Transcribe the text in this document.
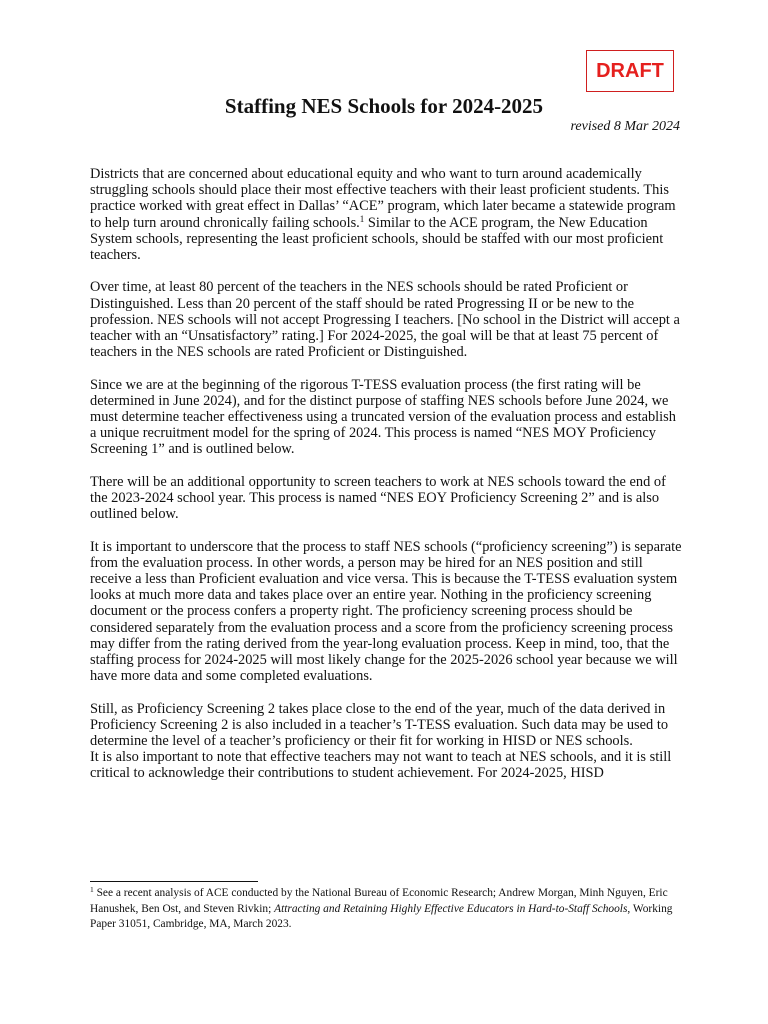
DRAFT
Staffing NES Schools for 2024-2025
revised 8 Mar 2024

Districts that are concerned about educational equity and who want to turn around academically struggling schools should place their most effective teachers with their least proficient students. This practice worked with great effect in Dallas’ “ACE” program, which later became a statewide program to help turn around chronically failing schools.$^1$ Similar to the ACE program, the New Education System schools, representing the least proficient schools, should be staffed with our most proficient teachers.

Over time, at least 80 percent of the teachers in the NES schools should be rated Proficient or Distinguished. Less than 20 percent of the staff should be rated Progressing II or be new to the profession. NES schools will not accept Progressing I teachers. [No school in the District will accept a teacher with an “Unsatisfactory” rating.] For 2024-2025, the goal will be that at least 75 percent of teachers in the NES schools are rated Proficient or Distinguished.

Since we are at the beginning of the rigorous T-TESS evaluation process (the first rating will be determined in June 2024), and for the distinct purpose of staffing NES schools before June 2024, we must determine teacher effectiveness using a truncated version of the evaluation process and establish a unique recruitment model for the spring of 2024. This process is named “NES MOY Proficiency Screening 1” and is outlined below.

There will be an additional opportunity to screen teachers to work at NES schools toward the end of the 2023-2024 school year. This process is named “NES EOY Proficiency Screening 2” and is also outlined below.

It is important to underscore that the process to staff NES schools (“proficiency screening”) is separate from the evaluation process. In other words, a person may be hired for an NES position and still receive a less than Proficient evaluation and vice versa. This is because the T-TESS evaluation system looks at much more data and takes place over an entire year. Nothing in the proficiency screening document or the process confers a property right. The proficiency screening process should be considered separately from the evaluation process and a score from the proficiency screening process may differ from the rating derived from the year-long evaluation process. Keep in mind, too, that the staffing process for 2024-2025 will most likely change for the 2025-2026 school year because we will have more data and some completed evaluations.

Still, as Proficiency Screening 2 takes place close to the end of the year, much of the data derived in Proficiency Screening 2 is also included in a teacher’s T-TESS evaluation. Such data may be used to determine the level of a teacher’s proficiency or their fit for working in HISD or NES schools.

It is also important to note that effective teachers may not want to teach at NES schools, and it is still critical to acknowledge their contributions to student achievement. For 2024-2025, HISD

$^1$ See a recent analysis of ACE conducted by the National Bureau of Economic Research; Andrew Morgan, Minh Nguyen, Eric Hanushek, Ben Ost, and Steven Rivkin; Attracting and Retaining Highly Effective Educators in Hard-to-Staff Schools, Working Paper 31051, Cambridge, MA, March 2023.
